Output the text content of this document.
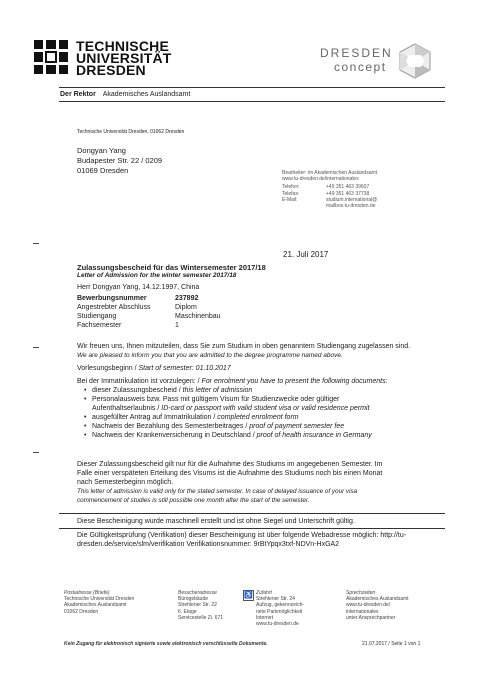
TECHNISCHE
UNIVERSITÄT
DRESDEN
DRESDEN
concept
Der Rektor Akademisches Auslandsamt
Technische Universität Dresden, 01062 Dresden
Dongyan Yang
Budapester Str. 22 / 0209
01069 Dresden	Bearbeiter: im Akademischen Auslandsamt
www.tu-dresden.de/internationales
Telefon:	+49 351 463 39607
Telefax:	+49 351 463 37738
E-Mail:	studium.international@
mailbox.tu-dresden.de
21. Juli 2017
Zulassungsbescheid für das Wintersemester 2017/18
Letter of Admission for the winter semester 2017/18
Herr Dongyan Yang, 14.12.1997, China
Bewerbungsnummer	237892
Angestrebter Abschluss	Diplom
Studiengang	Maschinenbau
Fachsemester	1
Wir freuen uns, Ihnen mitzuteilen, dass Sie zum Studium in oben genanntem Studiengang zugelassen sind.
We are pleased to inform you that you are admitted to the degree programme named above.
Vorlesungsbeginn / Start of semester: 01.10.2017
Bei der Immatrikulation ist vorzulegen: / For enrolment you have to present the following documents:
• dieser Zulassungsbescheid / this letter of admission
• Personalausweis bzw. Pass mit gültigem Visum für Studienzwecke oder gültiger
Aufenthaltserlaubnis / ID-card or passport with valid student visa or valid residence permit
• ausgefüllter Antrag auf Immatrikulation / completed enrolment form
• Nachweis der Bezahlung des Semesterbeitrages / proof of payment semester fee
• Nachweis der Krankenversicherung in Deutschland / proof of health insurance in Germany
Dieser Zulassungsbescheid gilt nur für die Aufnahme des Studiums im angegebenen Semester. Im
Falle einer verspäteten Erteilung des Visums ist die Aufnahme des Studiums noch bis einen Monat
nach Semesterbeginn möglich.
This letter of admission is valid only for the stated semester. In case of delayed issuance of your visa
commencement of studies is still possible one month after the start of the semester.
Diese Bescheinigung wurde maschinell erstellt und ist ohne Siegel und Unterschrift gültig.
Die Gültigkeitsprüfung (Verifikation) dieser Bescheinigung ist über folgende Webadresse möglich: http://tu-
dresden.de/service/slm/verifikation Verifikationsnummer: 9rBtYpqx3txf-NDVn-HxGA2
Postadresse (Briefe)
Technische Universität Dresden
Akademisches Auslandsamt
01062 Dresden
Besucheradresse
Bürogebäude
Strehlener Str. 22
6. Etage
Servicestelle Zi. 671
♿ Zufahrt
Strehlener Str. 24
Aufzug, gekennzeich-
nete Parkmöglichkeit
Internet
www.tu-dresden.de
Sprechzeiten
Akademisches Auslandsamt
www.tu-dresden.de/
internationales
unter Ansprechpartner
Kein Zugang für elektronisch signierte sowie elektronisch verschlüsselte Dokumente.	21.07.2017 / Seite 1 von 1
